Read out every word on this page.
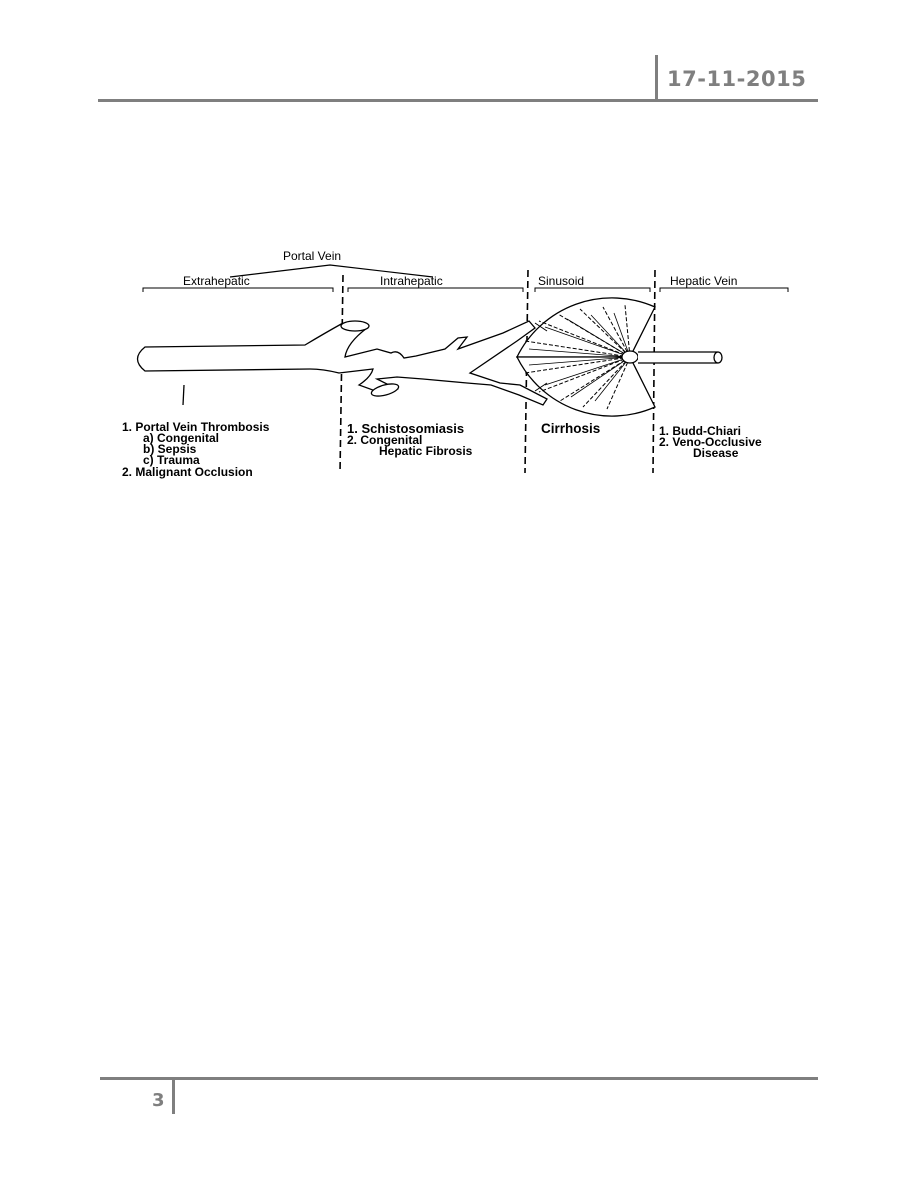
17-11-2015
Portal Vein
Extrahepatic	Intrahepatic	Sinusoid	Hepatic Vein
1. Portal Vein Thrombosis
a) Congenital
b) Sepsis
c) Trauma
2. Malignant Occlusion
1. Schistosomiasis
2. Congenital
Hepatic Fibrosis
Cirrhosis	1. Budd-Chiari
2. Veno-Occlusive
Disease
3
